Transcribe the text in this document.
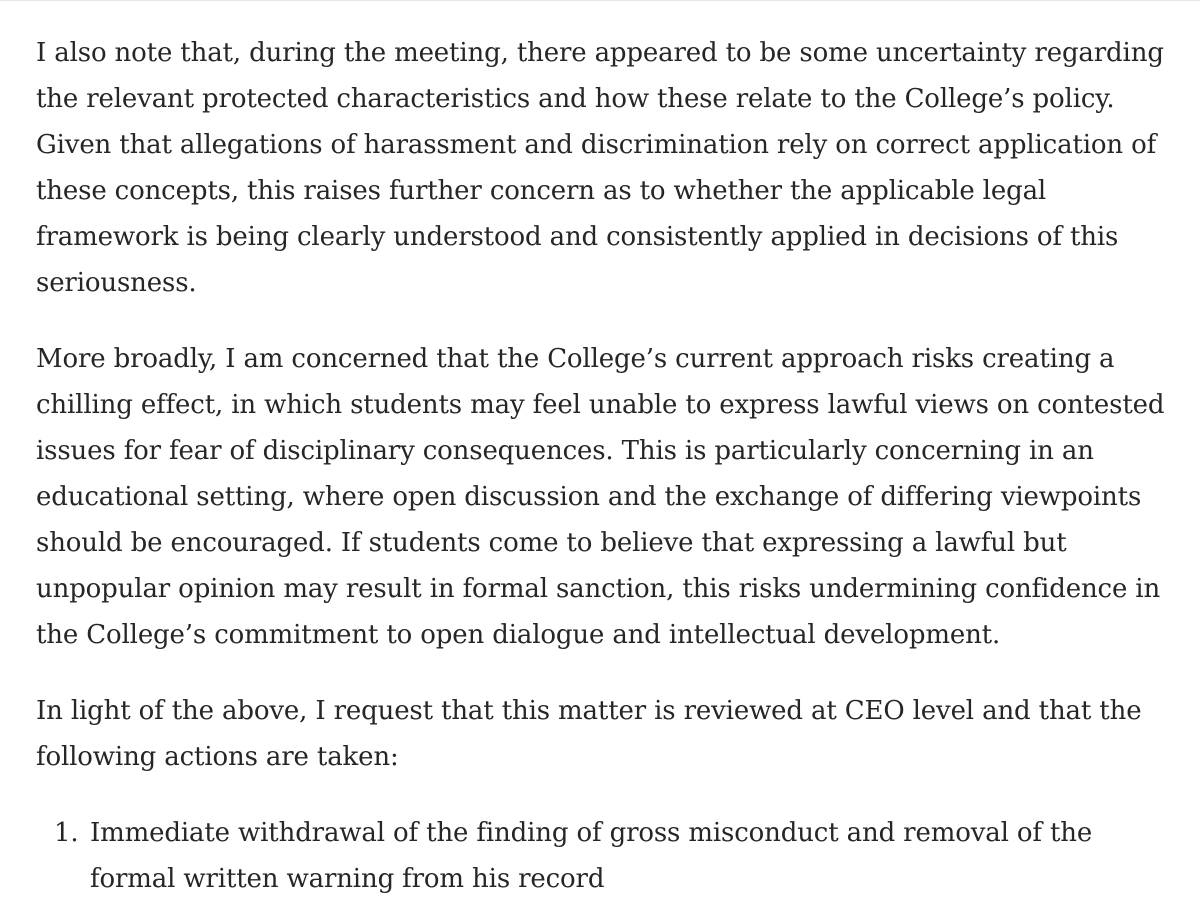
I also note that, during the meeting, there appeared to be some uncertainty regarding the relevant protected characteristics and how these relate to the College’s policy. Given that allegations of harassment and discrimination rely on correct application of these concepts, this raises further concern as to whether the applicable legal framework is being clearly understood and consistently applied in decisions of this seriousness.

More broadly, I am concerned that the College’s current approach risks creating a chilling effect, in which students may feel unable to express lawful views on contested issues for fear of disciplinary consequences. This is particularly concerning in an educational setting, where open discussion and the exchange of differing viewpoints should be encouraged. If students come to believe that expressing a lawful but unpopular opinion may result in formal sanction, this risks undermining confidence in the College’s commitment to open dialogue and intellectual development.

In light of the above, I request that this matter is reviewed at CEO level and that the following actions are taken:

1. Immediate withdrawal of the finding of gross misconduct and removal of the formal written warning from his record
